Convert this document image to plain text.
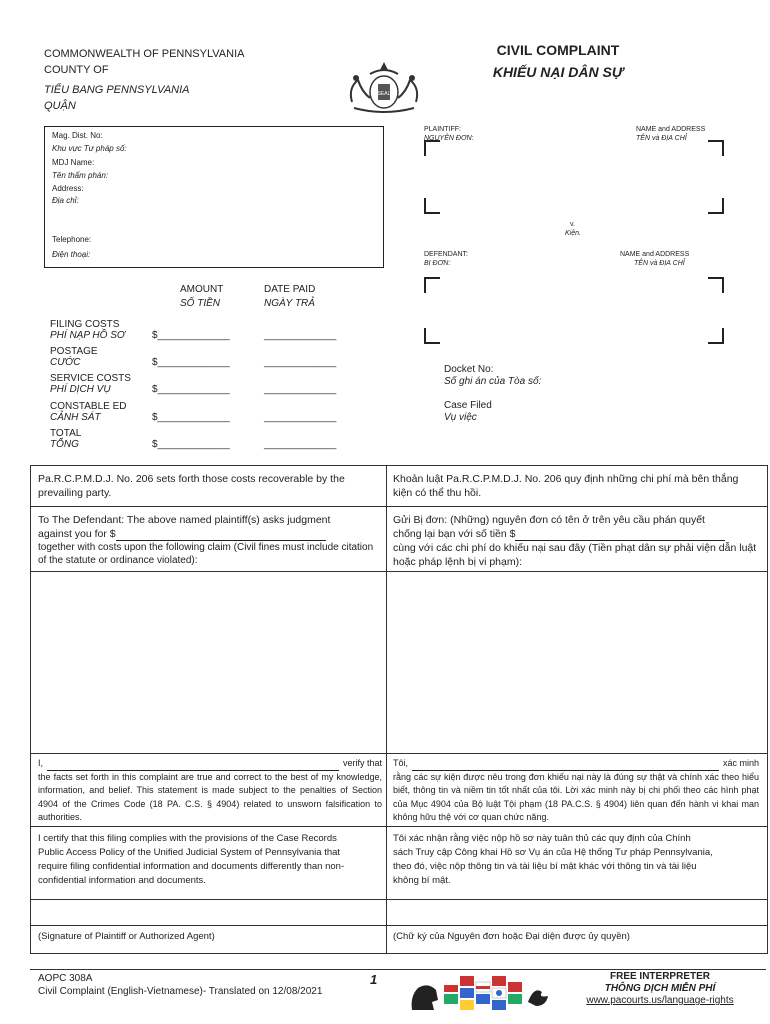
COMMONWEALTH OF PENNSYLVANIA
COUNTY OF
TIỂU BANG PENNSYLVANIA
QUẬN
SEAL
CIVIL COMPLAINT
KHIẾU NẠI DÂN SỰ
Mag. Dist. No:
Khu vực Tư pháp số:
MDJ Name:
Tên thẩm phán:
Address:
Địa chỉ:
Telephone:
Điện thoại:
PLAINTIFF:
NGUYÊN ĐƠN:
NAME and ADDRESS
TÊN và ĐỊA CHỈ
v.
Kiện.
DEFENDANT:
BỊ ĐƠN:
NAME and ADDRESS
TÊN và ĐỊA CHỈ
AMOUNT
SỐ TIỀN
DATE PAID
NGÀY TRẢ
FILING COSTS
PHÍ NẠP HỒ SƠ	$_____________	_____________
POSTAGE
CƯỚC	$_____________	_____________
SERVICE COSTS
PHÍ DỊCH VỤ	$_____________	_____________
CONSTABLE ED
CẢNH SÁT	$_____________	_____________
TOTAL
TỔNG	$_____________	_____________
Docket No:
Số ghi án của Tòa số:
Case Filed
Vụ việc
Pa.R.C.P.M.D.J. No. 206 sets forth those costs recoverable by the prevailing party.
Khoản luật Pa.R.C.P.M.D.J. No. 206 quy định những chi phí mà bên thắng kiện có thể thu hồi.
To The Defendant: The above named plaintiff(s) asks judgment
against you for $
together with costs upon the following claim (Civil fines must include citation of the statute or ordinance violated):
Gửi Bị đơn: (Những) nguyên đơn có tên ở trên yêu cầu phán quyết
chống lại bạn với số tiền $
cùng với các chi phí do khiếu nại sau đây (Tiền phạt dân sự phải viện dẫn luật hoặc pháp lệnh bị vi phạm):
I,	verify that
the facts set forth in this complaint are true and correct to the best of my knowledge, information, and belief. This statement is made subject to the penalties of Section 4904 of the Crimes Code (18 PA. C.S. § 4904) related to unsworn falsification to authorities.
Tôi,	xác minh
rằng các sự kiện được nêu trong đơn khiếu nại này là đúng sự thật và chính xác theo hiểu biết, thông tin và niềm tin tốt nhất của tôi. Lời xác minh này bị chi phối theo các hình phạt của Mục 4904 của Bộ luật Tội phạm (18 PA.C.S. § 4904) liên quan đến hành vi khai man không hữu thệ với cơ quan chức năng.
I certify that this filing complies with the provisions of the Case Records Public Access Policy of the Unified Judicial System of Pennsylvania that require filing confidential information and documents differently than non-confidential information and documents.
Tôi xác nhận rằng việc nộp hồ sơ này tuân thủ các quy định của Chính sách Truy cập Công khai Hồ sơ Vụ án của Hệ thống Tư pháp Pennsylvania, theo đó, việc nộp thông tin và tài liệu bí mật khác với thông tin và tài liệu không bí mật.
(Signature of Plaintiff or Authorized Agent)	(Chữ ký của Nguyên đơn hoặc Đại diện được ủy quyền)
AOPC 308A
Civil Complaint (English-Vietnamese)- Translated on 12/08/2021
1	FREE INTERPRETER
THÔNG DỊCH MIỄN PHÍ
www.pacourts.us/language-rights
